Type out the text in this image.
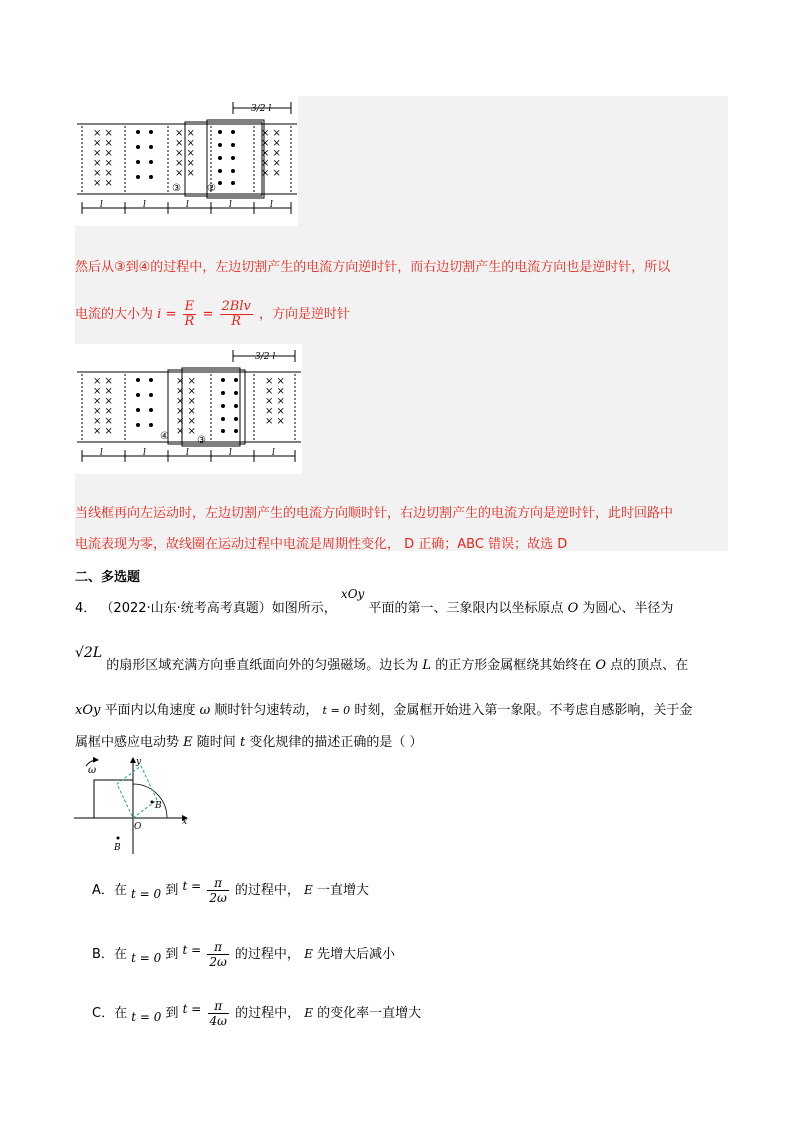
× ×
× ×
× ×
× ×
× ×
× ×
× ×
× ×
× ×
× ×
× ×
× ×
× ×
× ×
× ×
× ×
③	②
3/2 l
l	l	l	l	l
然后从③到④的过程中，左边切割产生的电流方向逆时针，而右边切割产生的电流方向也是逆时针，所以
电流的大小为 $i = \frac{E}{R} = \frac{\text{2Blv}}{R}$ ，方向是逆时针
× ×
× ×
× ×
× ×
× ×
× ×
× ×
× ×
× ×
× ×
× ×
× ×
× ×
× ×
× ×
× ×
× ×
④	③
3/2 l
l	l	l	l	l
当线框再向左运动时，左边切割产生的电流方向顺时针，右边切割产生的电流方向是逆时针，此时回路中
电流表现为零，故线圈在运动过程中电流是周期性变化， D 正确；ABC 错误；故选 D
二、多选题
4． （2022·山东·统考高考真题）如图所示， xOy 平面的第一、三象限内以坐标原点 O 为圆心、半径为
√2L 的扇形区域充满方向垂直纸面向外的匀强磁场。边长为 L 的正方形金属框绕其始终在 O 点的顶点、在
xOy 平面内以角速度 ω 顺时针匀速转动， t = 0 时刻，金属框开始进入第一象限。不考虑自感影响，关于金
属框中感应电动势 E 随时间 t 变化规律的描述正确的是（ ）
ω
y
x
O
B
B
A．在 t = 0 到 $t = \frac{\pi}{2\omega}$ 的过程中， E 一直增大
B．在 t = 0 到 $t = \frac{\pi}{2\omega}$ 的过程中， E 先增大后减小
C．在 t = 0 到 $t = \frac{\pi}{4\omega}$ 的过程中， E 的变化率一直增大
